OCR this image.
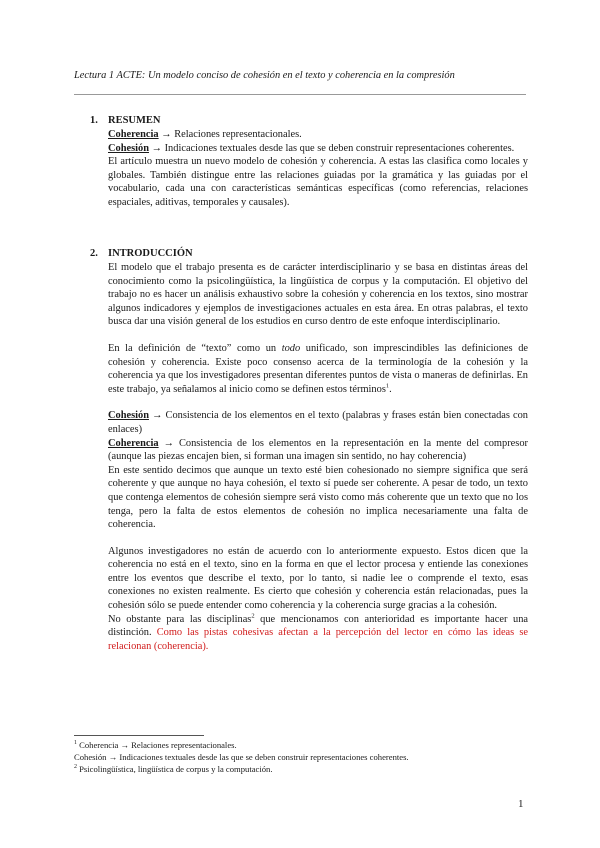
Lectura 1 ACTE: Un modelo conciso de cohesión en el texto y coherencia en la compresión
1. RESUMEN

Coherencia → Relaciones representacionales.

Cohesión → Indicaciones textuales desde las que se deben construir representaciones coherentes.

El artículo muestra un nuevo modelo de cohesión y coherencia. A estas las clasifica como locales y globales. También distingue entre las relaciones guiadas por la gramática y las guiadas por el vocabulario, cada una con características semánticas específicas (como referencias, relaciones espaciales, aditivas, temporales y causales).

2. INTRODUCCIÓN

El modelo que el trabajo presenta es de carácter interdisciplinario y se basa en distintas áreas del conocimiento como la psicolingüística, la lingüística de corpus y la computación. El objetivo del trabajo no es hacer un análisis exhaustivo sobre la cohesión y coherencia en los textos, sino mostrar algunos indicadores y ejemplos de investigaciones actuales en esta área. En otras palabras, el texto busca dar una visión general de los estudios en curso dentro de este enfoque interdisciplinario.

En la definición de “texto” como un todo unificado, son imprescindibles las definiciones de cohesión y coherencia. Existe poco consenso acerca de la terminología de la cohesión y la coherencia ya que los investigadores presentan diferentes puntos de vista o maneras de definirlas. En este trabajo, ya señalamos al inicio como se definen estos términos$^1$.

Cohesión → Consistencia de los elementos en el texto (palabras y frases están bien conectadas con enlaces)

Coherencia → Consistencia de los elementos en la representación en la mente del compresor (aunque las piezas encajen bien, si forman una imagen sin sentido, no hay coherencia)

En este sentido decimos que aunque un texto esté bien cohesionado no siempre significa que será coherente y que aunque no haya cohesión, el texto sí puede ser coherente. A pesar de todo, un texto que contenga elementos de cohesión siempre será visto como más coherente que un texto que no los tenga, pero la falta de estos elementos de cohesión no implica necesariamente una falta de coherencia.

Algunos investigadores no están de acuerdo con lo anteriormente expuesto. Estos dicen que la coherencia no está en el texto, sino en la forma en que el lector procesa y entiende las conexiones entre los eventos que describe el texto, por lo tanto, si nadie lee o comprende el texto, esas conexiones no existen realmente. Es cierto que cohesión y coherencia están relacionadas, pues la cohesión sólo se puede entender como coherencia y la coherencia surge gracias a la cohesión.

No obstante para las disciplinas$^2$ que mencionamos con anterioridad es importante hacer una distinción. Como las pistas cohesivas afectan a la percepción del lector en cómo las ideas se relacionan (coherencia).

$^1$ Coherencia → Relaciones representacionales.

Cohesión → Indicaciones textuales desde las que se deben construir representaciones coherentes.

$^2$ Psicolingüística, lingüística de corpus y la computación.

1
